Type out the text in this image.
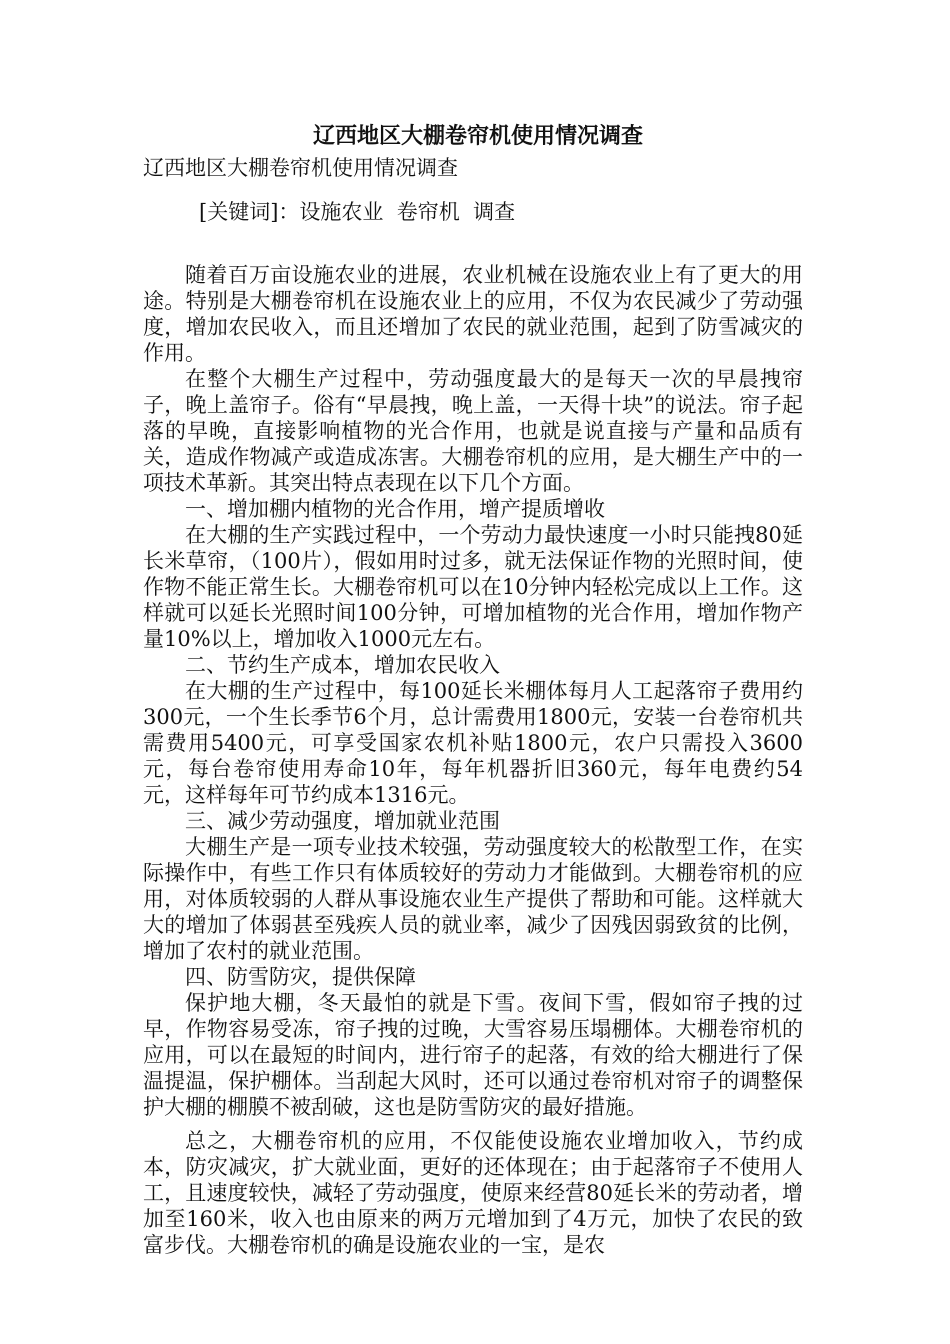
辽西地区大棚卷帘机使用情况调查

辽西地区大棚卷帘机使用情况调查

[关键词]：设施农业  卷帘机  调查

随着百万亩设施农业的进展，农业机械在设施农业上有了更大的用途。特别是大棚卷帘机在设施农业上的应用，不仅为农民减少了劳动强度，增加农民收入，而且还增加了农民的就业范围，起到了防雪减灾的作用。

在整个大棚生产过程中，劳动强度最大的是每天一次的早晨拽帘子，晚上盖帘子。俗有“早晨拽，晚上盖，一天得十块”的说法。帘子起落的早晚，直接影响植物的光合作用，也就是说直接与产量和品质有关，造成作物减产或造成冻害。大棚卷帘机的应用，是大棚生产中的一项技术革新。其突出特点表现在以下几个方面。

一、增加棚内植物的光合作用，增产提质增收

在大棚的生产实践过程中，一个劳动力最快速度一小时只能拽80延长米草帘，（100片），假如用时过多，就无法保证作物的光照时间，使作物不能正常生长。大棚卷帘机可以在10分钟内轻松完成以上工作。这样就可以延长光照时间100分钟，可增加植物的光合作用，增加作物产量10%以上，增加收入1000元左右。

二、节约生产成本，增加农民收入

在大棚的生产过程中，每100延长米棚体每月人工起落帘子费用约300元，一个生长季节6个月，总计需费用1800元，安装一台卷帘机共需费用5400元，可享受国家农机补贴1800元，农户只需投入3600元，每台卷帘使用寿命10年，每年机器折旧360元，每年电费约54元，这样每年可节约成本1316元。

三、减少劳动强度，增加就业范围

大棚生产是一项专业技术较强，劳动强度较大的松散型工作，在实际操作中，有些工作只有体质较好的劳动力才能做到。大棚卷帘机的应用，对体质较弱的人群从事设施农业生产提供了帮助和可能。这样就大大的增加了体弱甚至残疾人员的就业率，减少了因残因弱致贫的比例，增加了农村的就业范围。

四、防雪防灾，提供保障

保护地大棚，冬天最怕的就是下雪。夜间下雪，假如帘子拽的过早，作物容易受冻，帘子拽的过晚，大雪容易压塌棚体。大棚卷帘机的应用，可以在最短的时间内，进行帘子的起落，有效的给大棚进行了保温提温，保护棚体。当刮起大风时，还可以通过卷帘机对帘子的调整保护大棚的棚膜不被刮破，这也是防雪防灾的最好措施。

总之，大棚卷帘机的应用，不仅能使设施农业增加收入，节约成本，防灾减灾，扩大就业面，更好的还体现在；由于起落帘子不使用人工，且速度较快，减轻了劳动强度，使原来经营80延长米的劳动者，增加至160米，收入也由原来的两万元增加到了4万元，加快了农民的致富步伐。大棚卷帘机的确是设施农业的一宝，是农
